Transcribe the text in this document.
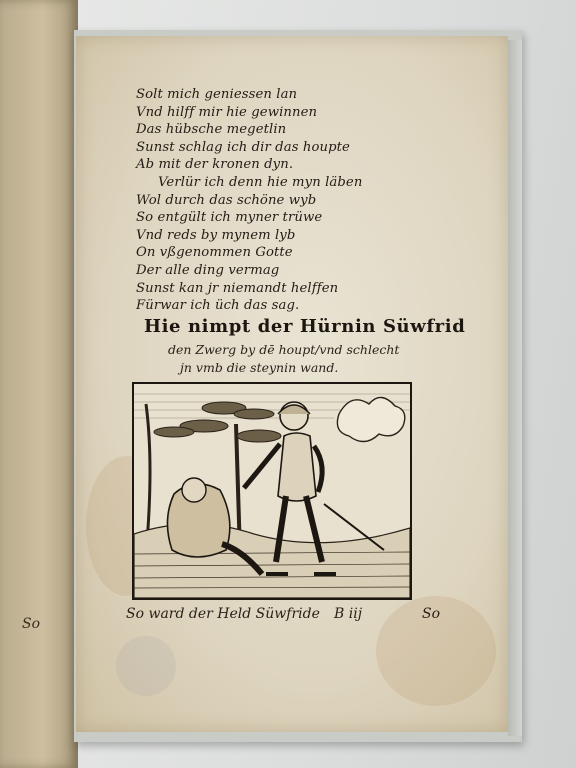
So
Solt mich geniessen lan
Vnd hilff mir hie gewinnen
Das hübsche megetlin
Sunst schlag ich dir das houpte
Ab mit der kronen dyn.
Verlür ich denn hie myn läben
Wol durch das schöne wyb
So entgült ich myner trüwe
Vnd reds by mynem lyb
On vßgenommen Gotte
Der alle ding vermag
Sunst kan jr niemandt helffen
Fürwar ich üch das sag.
Hie nimpt der Hürnin Süwfrid
den Zwerg by dē houpt/vnd schlecht
jn vmb die steynin wand.
So ward der Held Süwfride B iij	So
